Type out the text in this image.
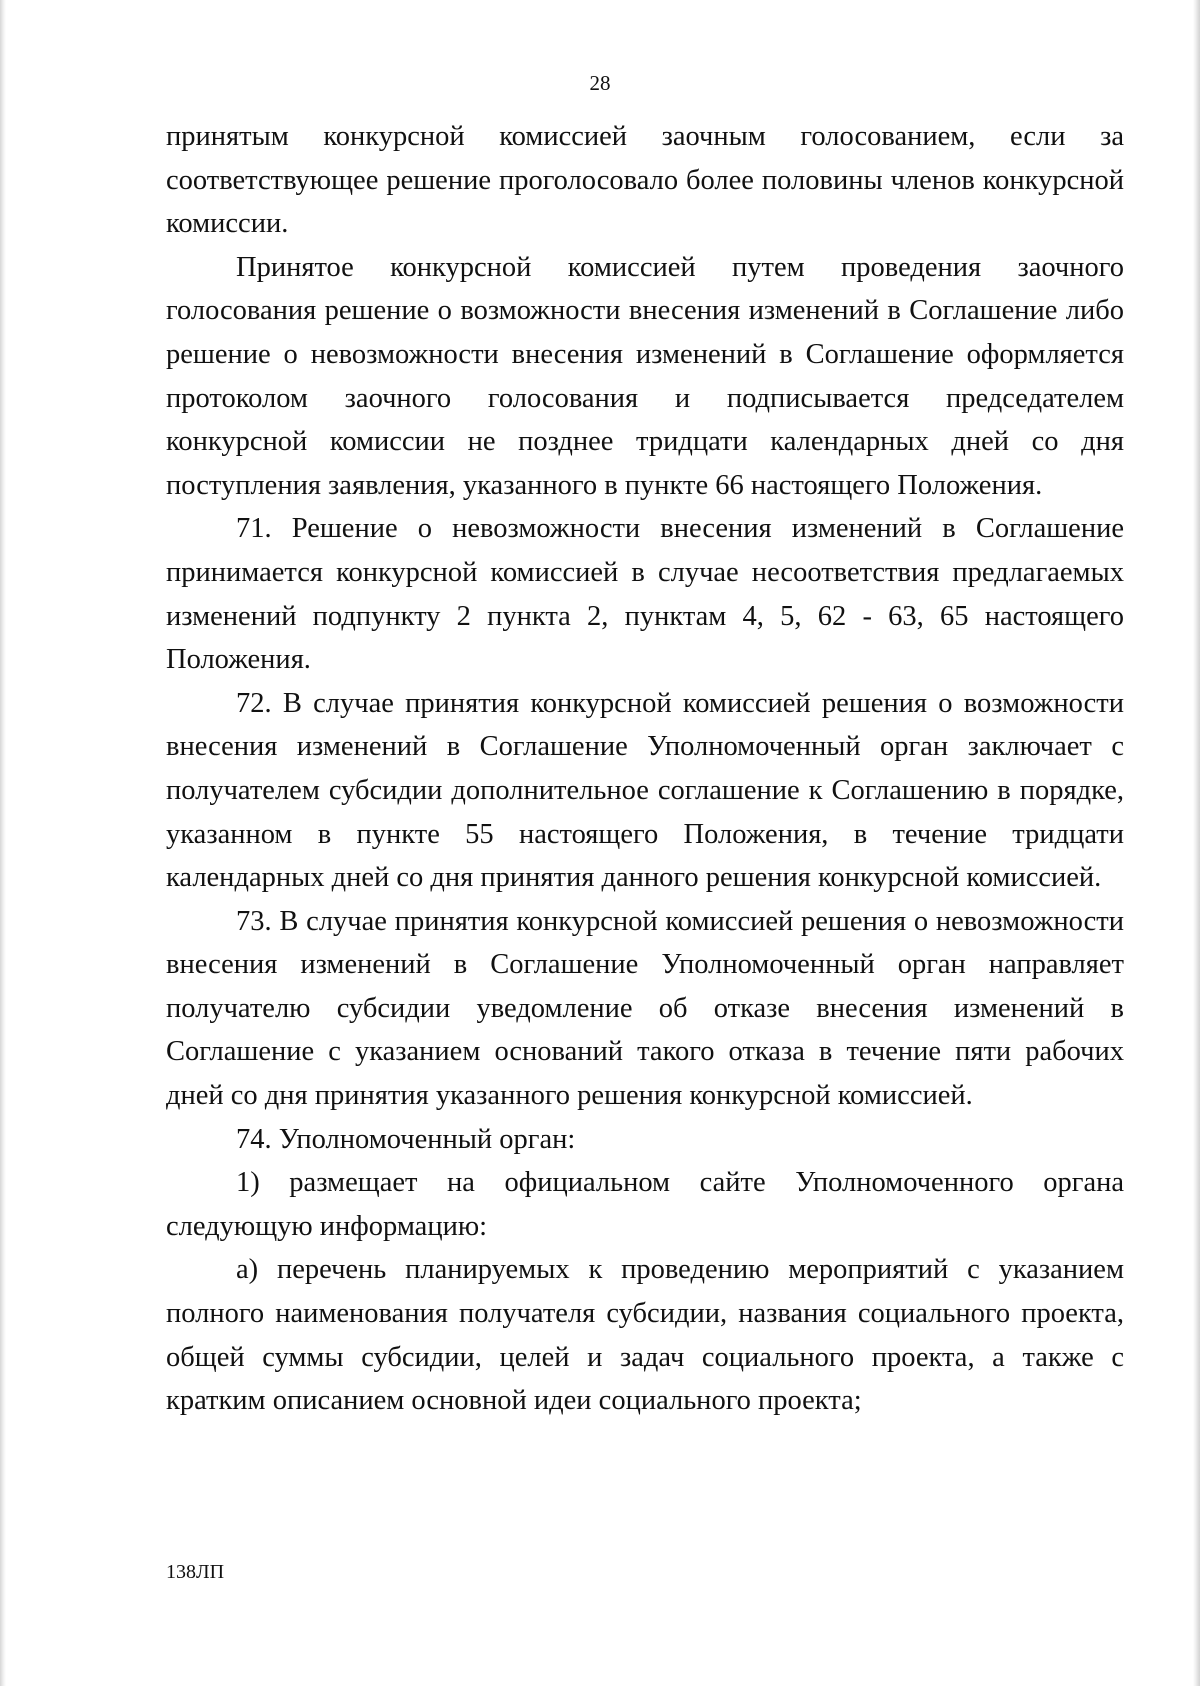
28

принятым конкурсной комиссией заочным голосованием, если за соответствующее решение проголосовало более половины членов конкурсной комиссии.

Принятое конкурсной комиссией путем проведения заочного голосования решение о возможности внесения изменений в Соглашение либо решение о невозможности внесения изменений в Соглашение оформляется протоколом заочного голосования и подписывается председателем конкурсной комиссии не позднее тридцати календарных дней со дня поступления заявления, указанного в пункте 66 настоящего Положения.

71. Решение о невозможности внесения изменений в Соглашение принимается конкурсной комиссией в случае несоответствия предлагаемых изменений подпункту 2 пункта 2, пунктам 4, 5, 62 - 63, 65 настоящего Положения.

72. В случае принятия конкурсной комиссией решения о возможности внесения изменений в Соглашение Уполномоченный орган заключает с получателем субсидии дополнительное соглашение к Соглашению в порядке, указанном в пункте 55 настоящего Положения, в течение тридцати календарных дней со дня принятия данного решения конкурсной комиссией.

73. В случае принятия конкурсной комиссией решения о невозможности внесения изменений в Соглашение Уполномоченный орган направляет получателю субсидии уведомление об отказе внесения изменений в Соглашение с указанием оснований такого отказа в течение пяти рабочих дней со дня принятия указанного решения конкурсной комиссией.

74. Уполномоченный орган:

1) размещает на официальном сайте Уполномоченного органа следующую информацию:

а) перечень планируемых к проведению мероприятий с указанием полного наименования получателя субсидии, названия социального проекта, общей суммы субсидии, целей и задач социального проекта, а также с кратким описанием основной идеи социального проекта;

138ЛП
